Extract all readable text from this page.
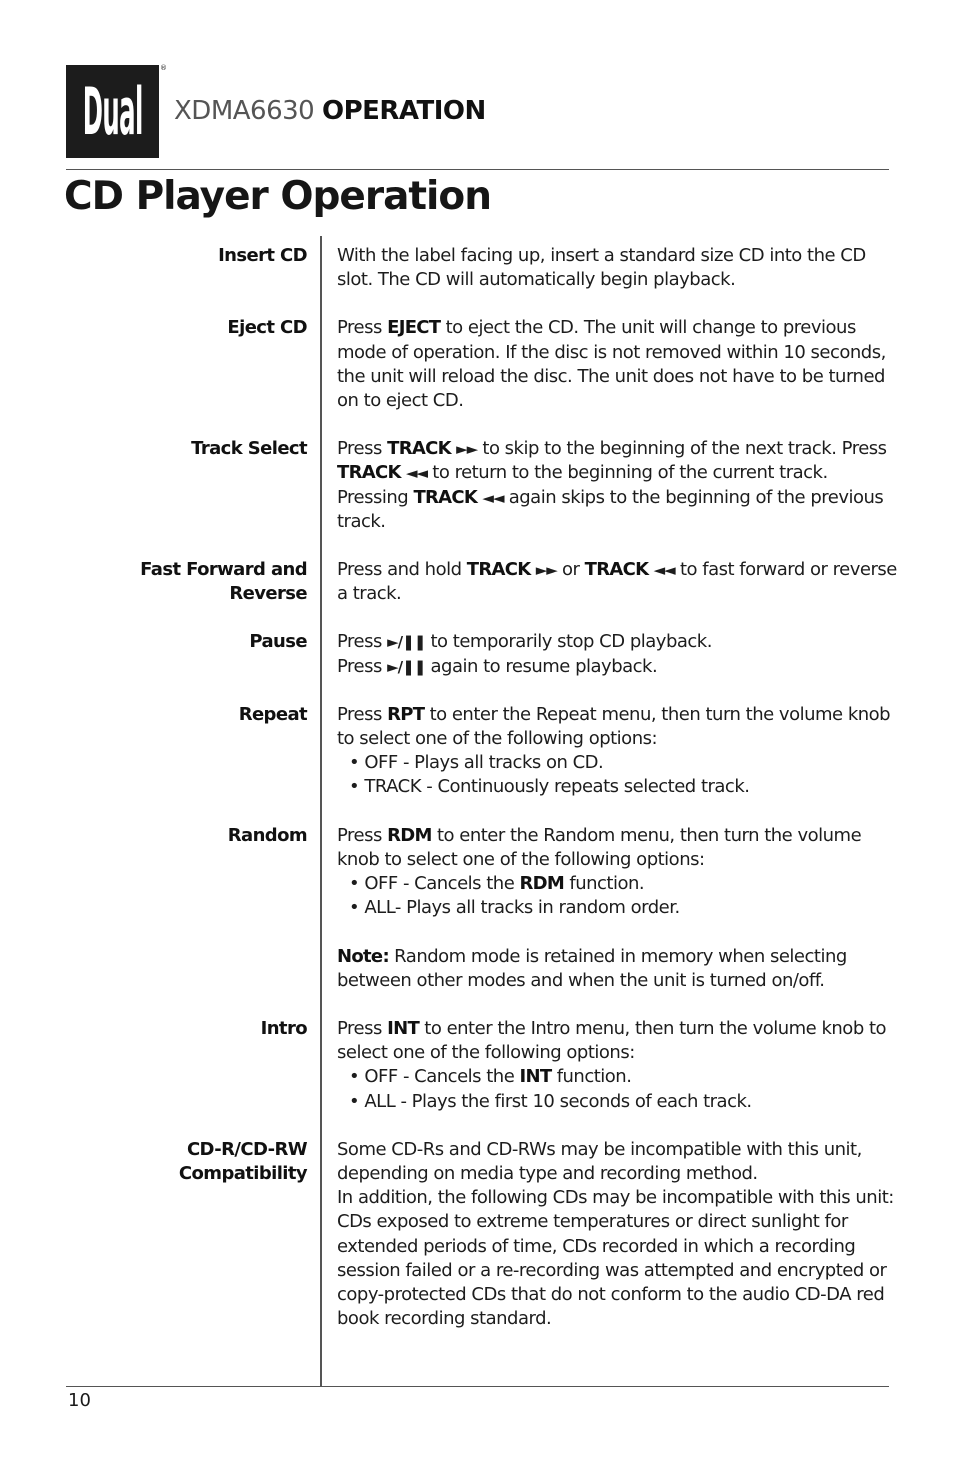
Dual
®
XDMA6630 OPERATION
CD Player Operation
Insert CD With the label facing up, insert a standard size CD into the CD slot. The CD will automatically begin playback.

Eject CD Press EJECT to eject the CD. The unit will change to previous mode of operation. If the disc is not removed within 10 seconds, the unit will reload the disc. The unit does not have to be turned on to eject CD.

Track Select Press TRACK ►► to skip to the beginning of the next track. Press TRACK ◄◄ to return to the beginning of the current track. Pressing TRACK ◄◄ again skips to the beginning of the previous track.

Fast Forward and Reverse

Press and hold TRACK ►► or TRACK ◄◄ to fast forward or reverse a track.

Pause Press ►/❚❚ to temporarily stop CD playback.

Press ►/❚❚ again to resume playback.

Repeat Press RPT to enter the Repeat menu, then turn the volume knob to select one of the following options:

• OFF - Plays all tracks on CD.

• TRACK - Continuously repeats selected track.

Random Press RDM to enter the Random menu, then turn the volume knob to select one of the following options:

• OFF - Cancels the RDM function.

• ALL- Plays all tracks in random order.

Note: Random mode is retained in memory when selecting between other modes and when the unit is turned on/off.

Intro Press INT to enter the Intro menu, then turn the volume knob to select one of the following options:

• OFF - Cancels the INT function.

• ALL - Plays the first 10 seconds of each track.

CD-R/CD-RW
Compatibility

Some CD-Rs and CD-RWs may be incompatible with this unit, depending on media type and recording method.

In addition, the following CDs may be incompatible with this unit: CDs exposed to extreme temperatures or direct sunlight for extended periods of time, CDs recorded in which a recording session failed or a re-recording was attempted and encrypted or copy-protected CDs that do not conform to the audio CD-DA red book recording standard.

10
